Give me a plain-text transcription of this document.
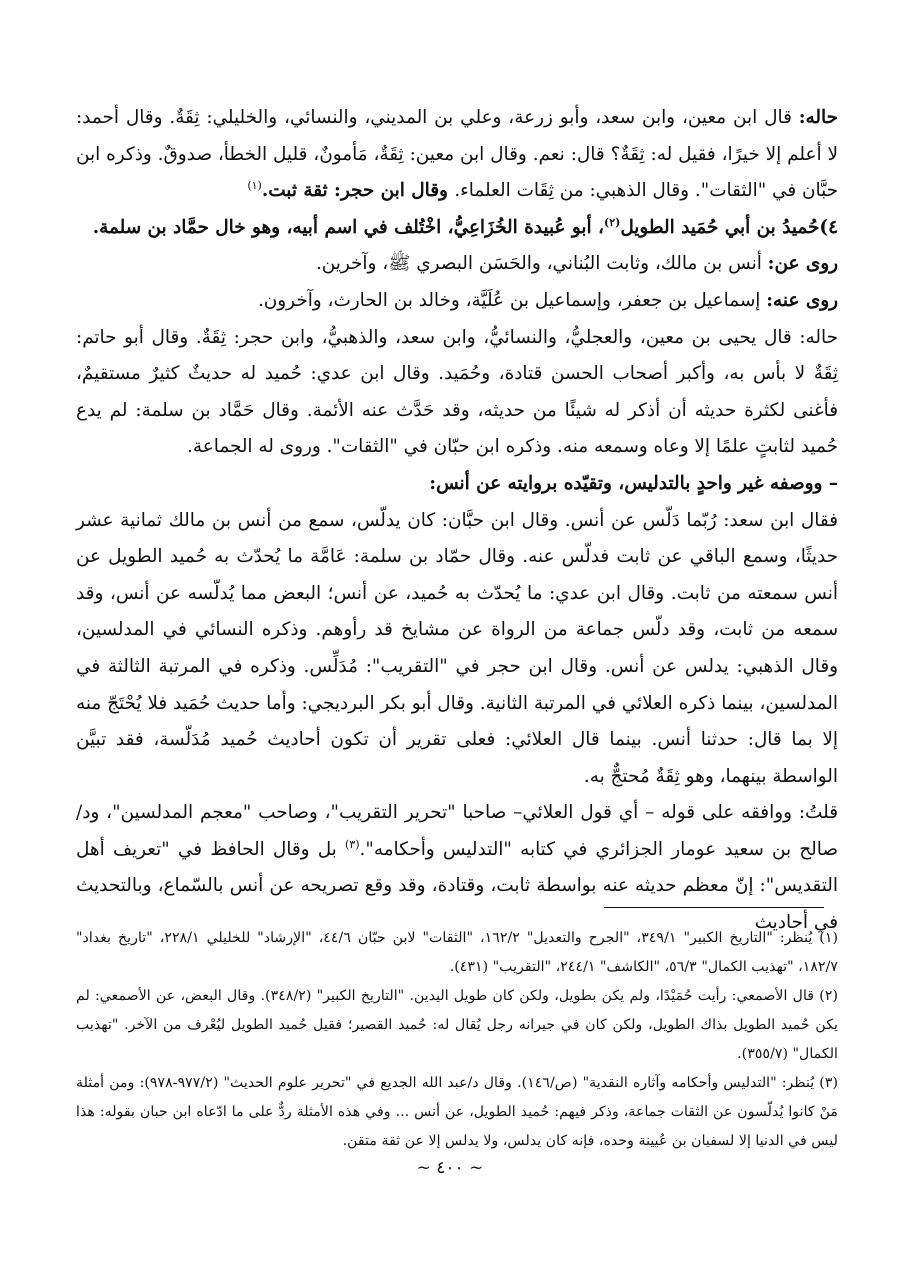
حاله: قال ابن معين، وابن سعد، وأبو زرعة، وعلي بن المديني، والنسائي، والخليلي: ثِقَةٌ. وقال أحمد: لا أعلم إلا خيرًا، فقيل له: ثِقَةٌ؟ قال: نعم. وقال ابن معين: ثِقَةٌ، مَأمونٌ، قليل الخطأ، صدوقٌ. وذكره ابن حبَّان في "الثقات". وقال الذهبي: من ثِقَات العلماء. وقال ابن حجر: ثقة ثبت.$^{(١)}$

٤)حُميدُ بن أبي حُمَيد الطويل$^{(٢)}$، أبو عُبيدة الخُزَاعِيُّ، اخْتُلف في اسم أبيه، وهو خال حمَّاد بن سلمة.

روى عن: أنس بن مالك، وثابت البُناني، والحَسَن البصري ﷺ، وآخرين.

روى عنه: إسماعيل بن جعفر، وإسماعيل بن عُلَيَّة، وخالد بن الحارث، وآخرون.

حاله: قال يحيى بن معين، والعجليُّ، والنسائيُّ، وابن سعد، والذهبيُّ، وابن حجر: ثِقَةٌ. وقال أبو حاتم: ثِقَةٌ لا بأس به، وأكبر أصحاب الحسن قتادة، وحُمَيد. وقال ابن عدي: حُميد له حديثٌ كثيرٌ مستقيمٌ، فأغنى لكثرة حديثه أن أذكر له شيئًا من حديثه، وقد حَدَّث عنه الأئمة. وقال حَمَّاد بن سلمة: لم يدع حُميد لثابتٍ علمًا إلا وعاه وسمعه منه. وذكره ابن حبّان في "الثقات". وروى له الجماعة.

– ووصفه غير واحدٍ بالتدليس، وتقيّده بروايته عن أنس:

فقال ابن سعد: رُبّما دَلّس عن أنس. وقال ابن حبَّان: كان يدلّس، سمع من أنس بن مالك ثمانية عشر حديثًا، وسمع الباقي عن ثابت فدلّس عنه. وقال حمّاد بن سلمة: عَامَّة ما يُحدّث به حُميد الطويل عن أنس سمعته من ثابت. وقال ابن عدي: ما يُحدّث به حُميد، عن أنس؛ البعض مما يُدلّسه عن أنس، وقد سمعه من ثابت، وقد دلّس جماعة من الرواة عن مشايخ قد رأوهم. وذكره النسائي في المدلسين، وقال الذهبي: يدلس عن أنس. وقال ابن حجر في "التقريب": مُدَلِّس. وذكره في المرتبة الثالثة في المدلسين، بينما ذكره العلائي في المرتبة الثانية. وقال أبو بكر البرديجي: وأما حديث حُمَيد فلا يُحْتَجّ منه إلا بما قال: حدثنا أنس. بينما قال العلائي: فعلى تقرير أن تكون أحاديث حُميد مُدَلّسة، فقد تبيَّن الواسطة بينهما، وهو ثِقَةٌ مُحتجٌّ به.

قلتُ: ووافقه على قوله – أي قول العلائي– صاحبا "تحرير التقريب"، وصاحب "معجم المدلسين"، ود/ صالح بن سعيد عومار الجزائري في كتابه "التدليس وأحكامه".$^{(٣)}$ بل وقال الحافظ في "تعريف أهل التقديس": إنّ معظم حديثه عنه بواسطة ثابت، وقتادة، وقد وقع تصريحه عن أنس بالسّماع، وبالتحديث في أحاديث

(١) يُنظر: "التاريخ الكبير" ٣٤٩/١، "الجرح والتعديل" ١٦٢/٢، "الثقات" لابن حبّان ٤٤/٦، "الإرشاد" للخليلي ٢٢٨/١، "تاريخ بغداد" ١٨٢/٧، "تهذيب الكمال" ٥٦/٣، "الكاشف" ٢٤٤/١، "التقريب" (٤٣١).

(٢) قال الأصمعي: رأيت حُمَيْدًا، ولم يكن بطويل، ولكن كان طويل اليدين. "التاريخ الكبير" (٣٤٨/٢). وقال البعض، عن الأصمعي: لم يكن حُميد الطويل بذاك الطويل، ولكن كان في جيرانه رجل يُقال له: حُميد القصير؛ فقيل حُميد الطويل ليُعْرف من الآخر. "تهذيب الكمال" (٣٥٥/٧).

(٣) يُنظر: "التدليس وأحكامه وآثاره النقدية" (ص/١٤٦). وقال د/عبد الله الجديع في "تحرير علوم الحديث" (٩٧٧/٢-٩٧٨): ومن أمثلة مَنْ كانوا يُدلّسون عن الثقات جماعة، وذكر فيهم: حُميد الطويل، عن أنس ... وفي هذه الأمثلة ردٌّ على ما ادّعاه ابن حبان بقوله: هذا ليس في الدنيا إلا لسفيان بن عُيينة وحده، فإنه كان يدلس، ولا يدلس إلا عن ثقة متقن.

~ ٤٠٠ ~
